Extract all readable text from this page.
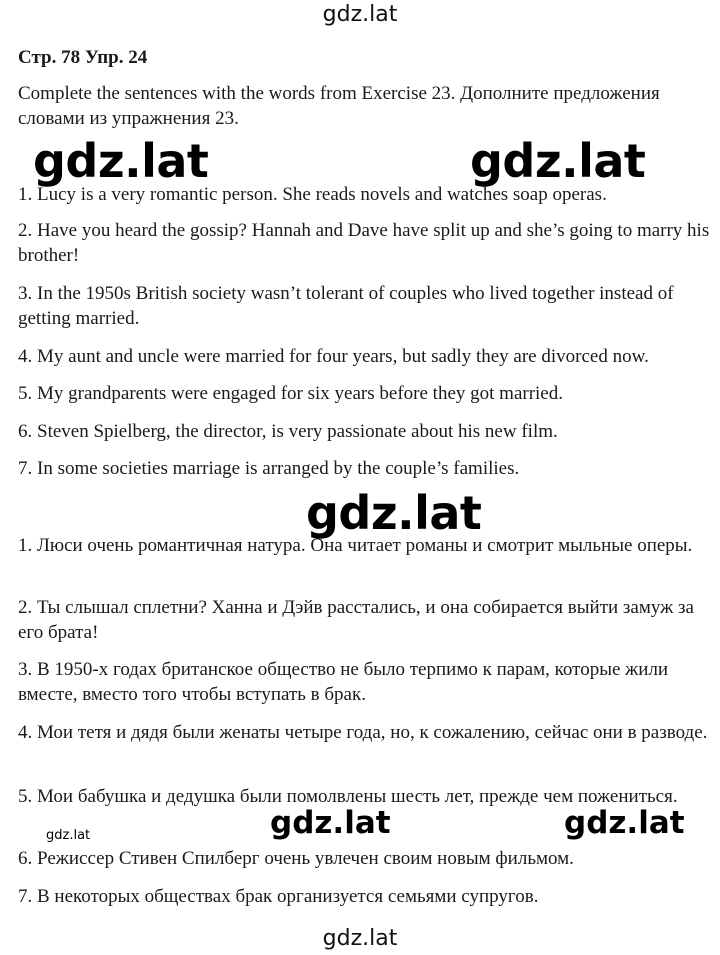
gdz.lat
Стр. 78 Упр. 24
Complete the sentences with the words from Exercise 23. Дополните предложения словами из упражнения 23.

1. Lucy is a very romantic person. She reads novels and watches soap operas.

2. Have you heard the gossip? Hannah and Dave have split up and she’s going to marry his brother!

3. In the 1950s British society wasn’t tolerant of couples who lived together instead of getting married.

4. My aunt and uncle were married for four years, but sadly they are divorced now.

5. My grandparents were engaged for six years before they got married.

6. Steven Spielberg, the director, is very passionate about his new film.

7. In some societies marriage is arranged by the couple’s families.

1. Люси очень романтичная натура. Она читает романы и смотрит мыльные оперы.

2. Ты слышал сплетни? Ханна и Дэйв расстались, и она собирается выйти замуж за его брата!

3. В 1950-х годах британское общество не было терпимо к парам, которые жили вместе, вместо того чтобы вступать в брак.

4. Мои тетя и дядя были женаты четыре года, но, к сожалению, сейчас они в разводе.

5. Мои бабушка и дедушка были помолвлены шесть лет, прежде чем пожениться.

6. Режиссер Стивен Спилберг очень увлечен своим новым фильмом.

7. В некоторых обществах брак организуется семьями супругов.

gdz.lat	gdz.lat
gdz.lat
gdz.lat	gdz.lat
gdz.lat
gdz.lat
